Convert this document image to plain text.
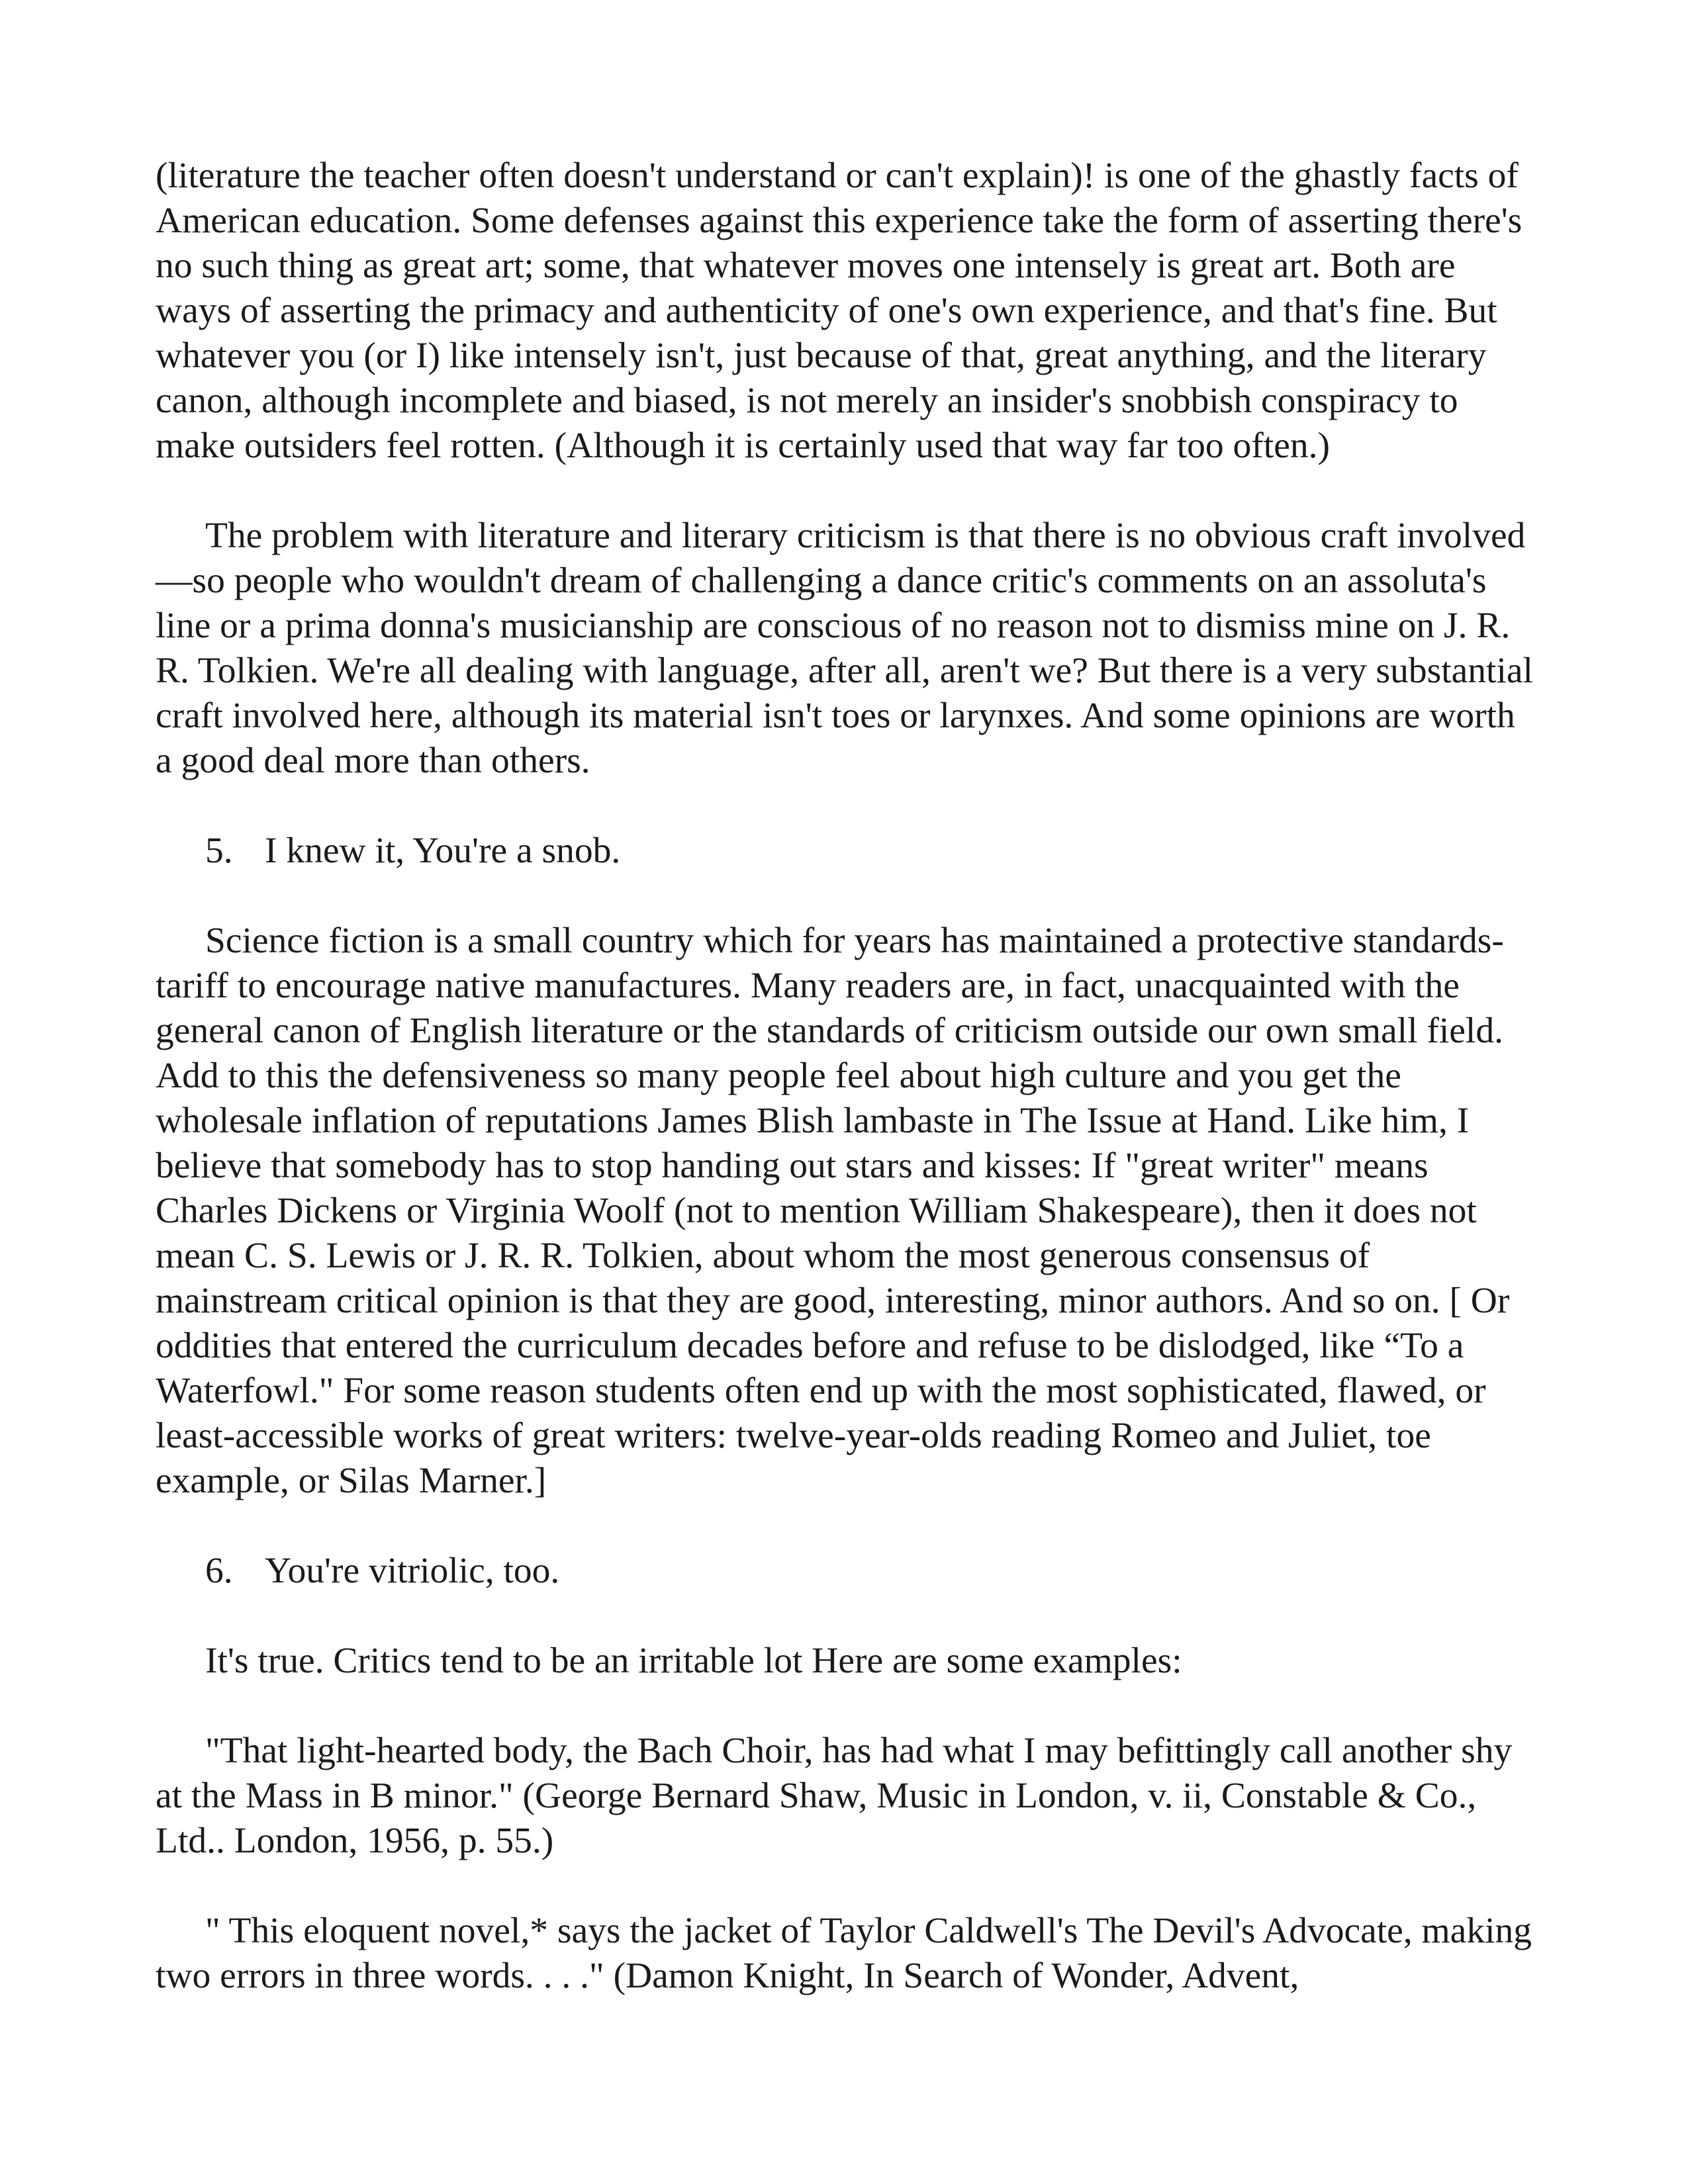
(literature the teacher often doesn't understand or can't explain)! is one of the ghastly facts of American education. Some defenses against this experience take the form of asserting there's no such thing as great art; some, that whatever moves one intensely is great art. Both are ways of asserting the primacy and authenticity of one's own experience, and that's fine. But whatever you (or I) like intensely isn't, just because of that, great anything, and the literary canon, although incomplete and biased, is not merely an insider's snobbish conspiracy to make outsiders feel rotten. (Although it is certainly used that way far too often.)

The problem with literature and literary criticism is that there is no obvious craft involved—so people who wouldn't dream of challenging a dance critic's comments on an assoluta's line or a prima donna's musicianship are conscious of no reason not to dismiss mine on J. R. R. Tolkien. We're all dealing with language, after all, aren't we? But there is a very substantial craft involved here, although its material isn't toes or larynxes. And some opinions are worth a good deal more than others.

5. I knew it, You're a snob.

Science fiction is a small country which for years has maintained a protective standards-tariff to encourage native manufactures. Many readers are, in fact, unacquainted with the general canon of English literature or the standards of criticism outside our own small field. Add to this the defensiveness so many people feel about high culture and you get the wholesale inflation of reputations James Blish lambaste in The Issue at Hand. Like him, I believe that somebody has to stop handing out stars and kisses: If "great writer" means Charles Dickens or Virginia Woolf (not to mention William Shakespeare), then it does not mean C. S. Lewis or J. R. R. Tolkien, about whom the most generous consensus of mainstream critical opinion is that they are good, interesting, minor authors. And so on. [ Or oddities that entered the curriculum decades before and refuse to be dislodged, like “To a Waterfowl." For some reason students often end up with the most sophisticated, flawed, or least-accessible works of great writers: twelve-year-olds reading Romeo and Juliet, toe example, or Silas Marner.]

6. You're vitriolic, too.

It's true. Critics tend to be an irritable lot Here are some examples:

"That light-hearted body, the Bach Choir, has had what I may befittingly call another shy at the Mass in B minor." (George Bernard Shaw, Music in London, v. ii, Constable & Co., Ltd.. London, 1956, p. 55.)

" This eloquent novel,* says the jacket of Taylor Caldwell's The Devil's Advocate, making two errors in three words. . . ." (Damon Knight, In Search of Wonder, Advent,
